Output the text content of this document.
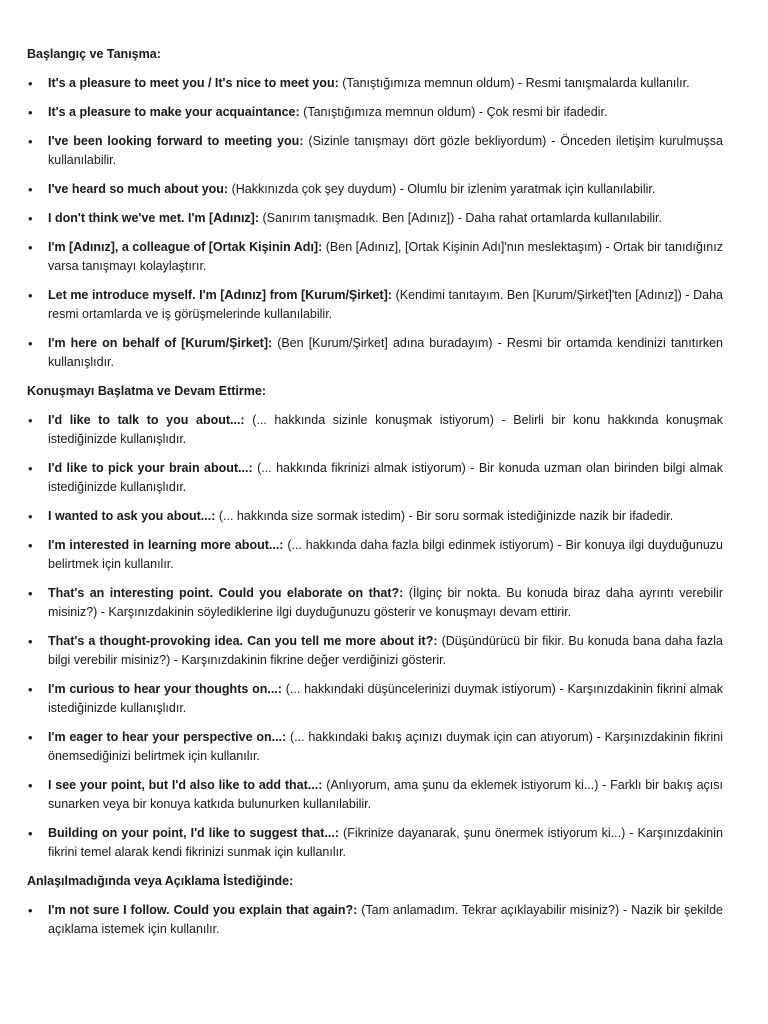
Başlangıç ve Tanışma:
• It's a pleasure to meet you / It's nice to meet you: (Tanıştığımıza memnun oldum) - Resmi tanışmalarda kullanılır.
• It's a pleasure to make your acquaintance: (Tanıştığımıza memnun oldum) - Çok resmi bir ifadedir.
• I've been looking forward to meeting you: (Sizinle tanışmayı dört gözle bekliyordum) - Önceden iletişim kurulmuşsa kullanılabilir.
• I've heard so much about you: (Hakkınızda çok şey duydum) - Olumlu bir izlenim yaratmak için kullanılabilir.
• I don't think we've met. I'm [Adınız]: (Sanırım tanışmadık. Ben [Adınız]) - Daha rahat ortamlarda kullanılabilir.
• I'm [Adınız], a colleague of [Ortak Kişinin Adı]: (Ben [Adınız], [Ortak Kişinin Adı]'nın meslektaşım) - Ortak bir tanıdığınız varsa tanışmayı kolaylaştırır.
• Let me introduce myself. I'm [Adınız] from [Kurum/Şirket]: (Kendimi tanıtayım. Ben [Kurum/Şirket]'ten [Adınız]) - Daha resmi ortamlarda ve iş görüşmelerinde kullanılabilir.
• I'm here on behalf of [Kurum/Şirket]: (Ben [Kurum/Şirket] adına buradayım) - Resmi bir ortamda kendinizi tanıtırken kullanışlıdır.
Konuşmayı Başlatma ve Devam Ettirme:
• I'd like to talk to you about...: (... hakkında sizinle konuşmak istiyorum) - Belirli bir konu hakkında konuşmak istediğinizde kullanışlıdır.
• I'd like to pick your brain about...: (... hakkında fikrinizi almak istiyorum) - Bir konuda uzman olan birinden bilgi almak istediğinizde kullanışlıdır.
• I wanted to ask you about...: (... hakkında size sormak istedim) - Bir soru sormak istediğinizde nazik bir ifadedir.
• I'm interested in learning more about...: (... hakkında daha fazla bilgi edinmek istiyorum) - Bir konuya ilgi duyduğunuzu belirtmek için kullanılır.
• That's an interesting point. Could you elaborate on that?: (İlginç bir nokta. Bu konuda biraz daha ayrıntı verebilir misiniz?) - Karşınızdakinin söylediklerine ilgi duyduğunuzu gösterir ve konuşmayı devam ettirir.
• That's a thought-provoking idea. Can you tell me more about it?: (Düşündürücü bir fikir. Bu konuda bana daha fazla bilgi verebilir misiniz?) - Karşınızdakinin fikrine değer verdiğinizi gösterir.
• I'm curious to hear your thoughts on...: (... hakkındaki düşüncelerinizi duymak istiyorum) - Karşınızdakinin fikrini almak istediğinizde kullanışlıdır.
• I'm eager to hear your perspective on...: (... hakkındaki bakış açınızı duymak için can atıyorum) - Karşınızdakinin fikrini önemsediğinizi belirtmek için kullanılır.
• I see your point, but I'd also like to add that...: (Anlıyorum, ama şunu da eklemek istiyorum ki...) - Farklı bir bakış açısı sunarken veya bir konuya katkıda bulunurken kullanılabilir.
• Building on your point, I'd like to suggest that...: (Fikrinize dayanarak, şunu önermek istiyorum ki...) - Karşınızdakinin fikrini temel alarak kendi fikrinizi sunmak için kullanılır.
Anlaşılmadığında veya Açıklama İstediğinde:
• I'm not sure I follow. Could you explain that again?: (Tam anlamadım. Tekrar açıklayabilir misiniz?) - Nazik bir şekilde açıklama istemek için kullanılır.
